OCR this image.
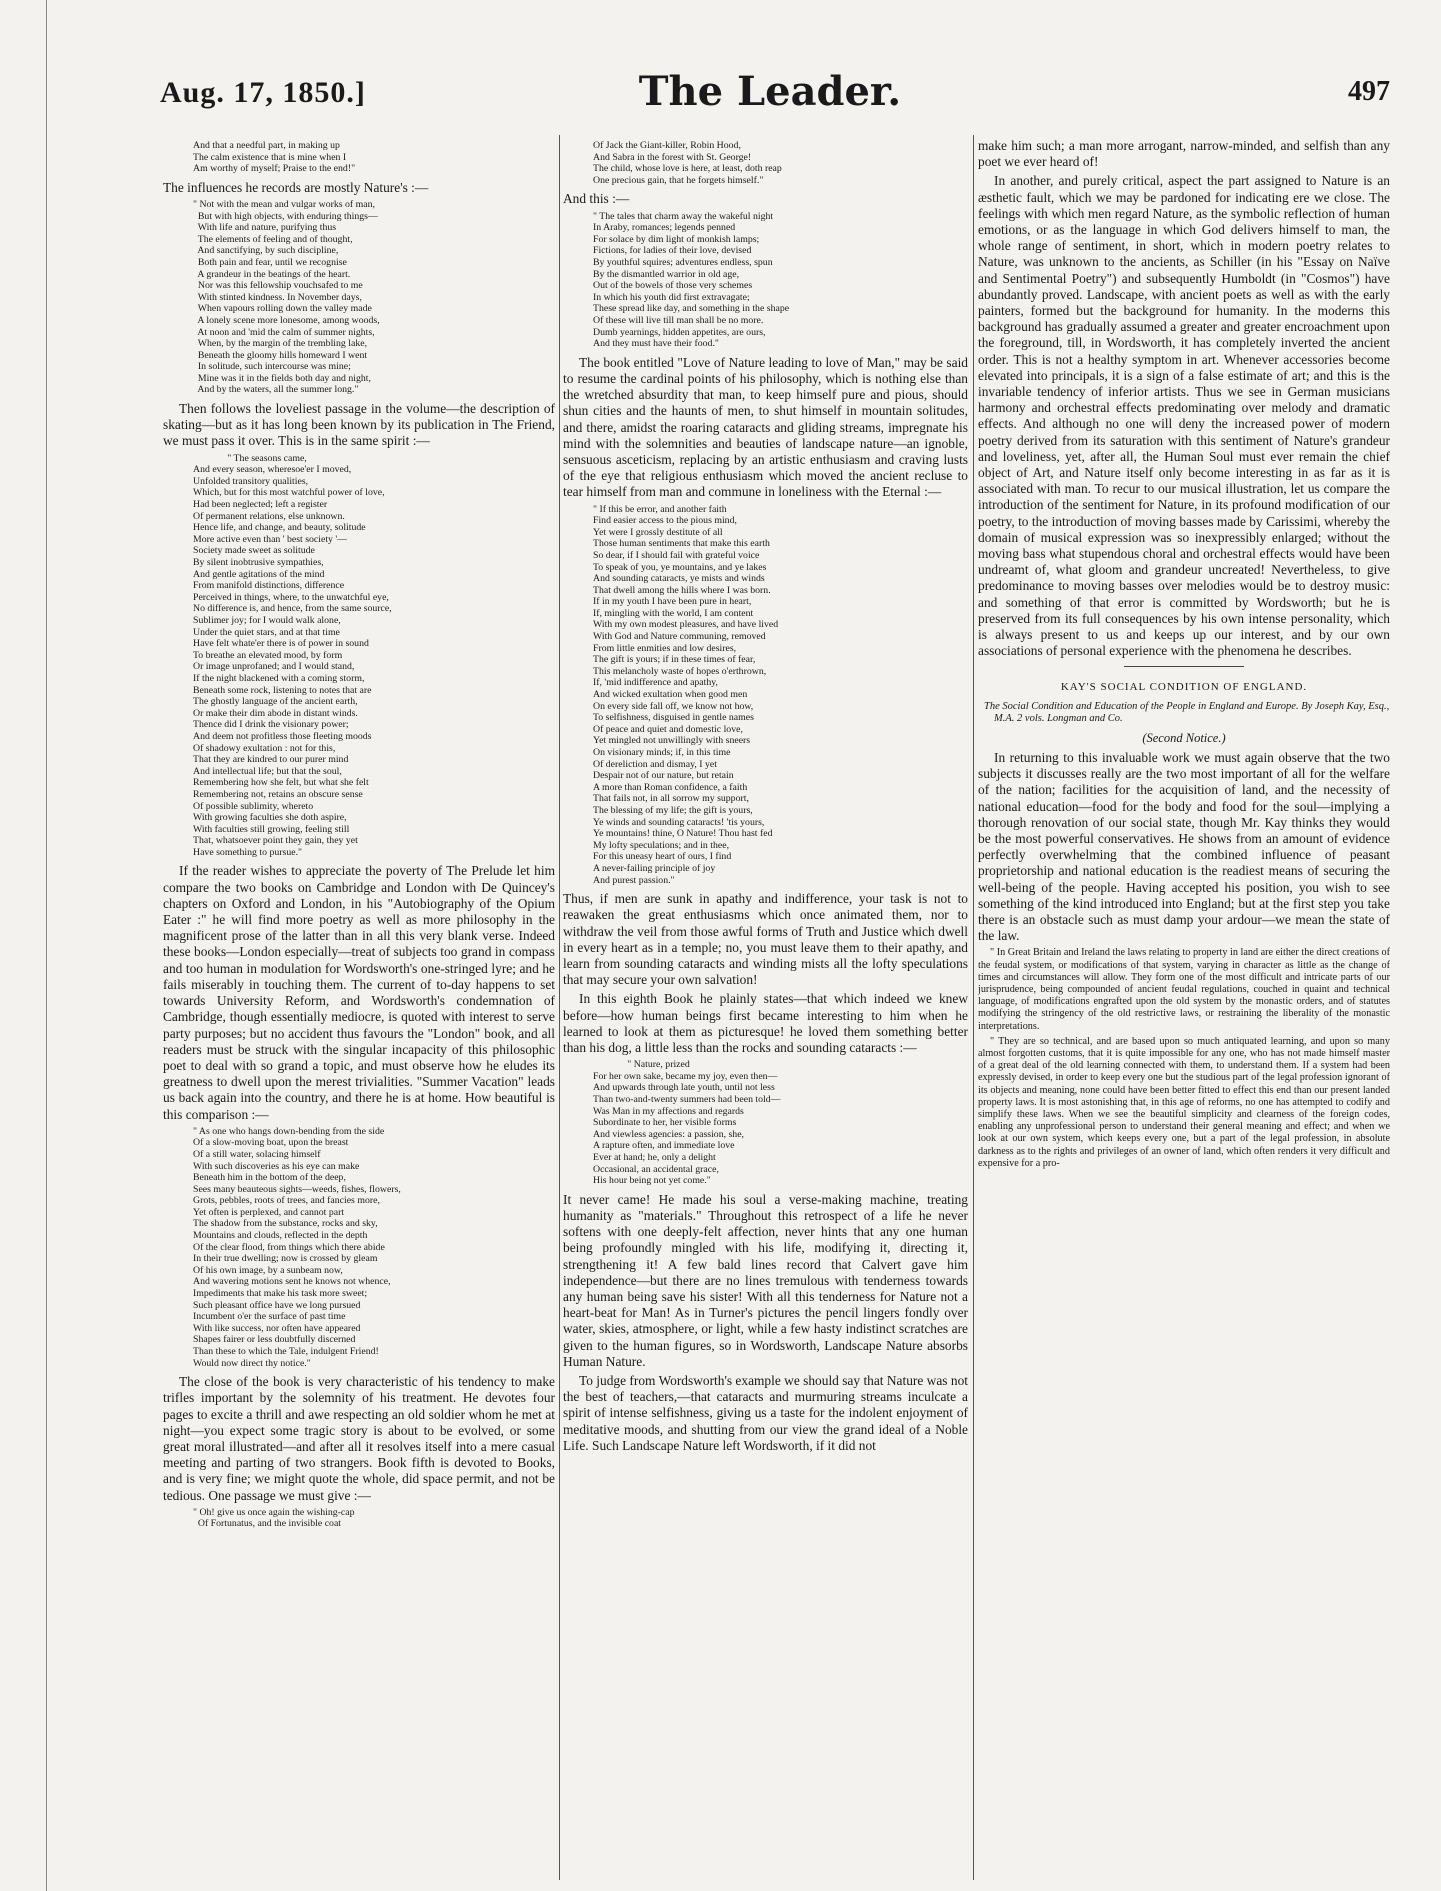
Aug. 17, 1850.]	The Leader.	497
And that a needful part, in making up
The calm existence that is mine when I
Am worthy of myself; Praise to the end!"

The influences he records are mostly Nature's :—

" Not with the mean and vulgar works of man,
But with high objects, with enduring things—
With life and nature, purifying thus
The elements of feeling and of thought,
And sanctifying, by such discipline,
Both pain and fear, until we recognise
A grandeur in the beatings of the heart.
Nor was this fellowship vouchsafed to me
With stinted kindness. In November days,
When vapours rolling down the valley made
A lonely scene more lonesome, among woods,
At noon and 'mid the calm of summer nights,
When, by the margin of the trembling lake,
Beneath the gloomy hills homeward I went
In solitude, such intercourse was mine;
Mine was it in the fields both day and night,
And by the waters, all the summer long."

Then follows the loveliest passage in the volume—the description of skating—but as it has long been known by its publication in The Friend, we must pass it over. This is in the same spirit :—

" The seasons came,
And every season, wheresoe'er I moved,
Unfolded transitory qualities,
Which, but for this most watchful power of love,
Had been neglected; left a register
Of permanent relations, else unknown.
Hence life, and change, and beauty, solitude
More active even than ' best society '—
Society made sweet as solitude
By silent inobtrusive sympathies,
And gentle agitations of the mind
From manifold distinctions, difference
Perceived in things, where, to the unwatchful eye,
No difference is, and hence, from the same source,
Sublimer joy; for I would walk alone,
Under the quiet stars, and at that time
Have felt whate'er there is of power in sound
To breathe an elevated mood, by form
Or image unprofaned; and I would stand,
If the night blackened with a coming storm,
Beneath some rock, listening to notes that are
The ghostly language of the ancient earth,
Or make their dim abode in distant winds.
Thence did I drink the visionary power;
And deem not profitless those fleeting moods
Of shadowy exultation : not for this,
That they are kindred to our purer mind
And intellectual life; but that the soul,
Remembering how she felt, but what she felt
Remembering not, retains an obscure sense
Of possible sublimity, whereto
With growing faculties she doth aspire,
With faculties still growing, feeling still
That, whatsoever point they gain, they yet
Have something to pursue."

If the reader wishes to appreciate the poverty of The Prelude let him compare the two books on Cambridge and London with De Quincey's chapters on Oxford and London, in his "Autobiography of the Opium Eater :" he will find more poetry as well as more philosophy in the magnificent prose of the latter than in all this very blank verse. Indeed these books—London especially—treat of subjects too grand in compass and too human in modulation for Wordsworth's one-stringed lyre; and he fails miserably in touching them. The current of to-day happens to set towards University Reform, and Wordsworth's condemnation of Cambridge, though essentially mediocre, is quoted with interest to serve party purposes; but no accident thus favours the "London" book, and all readers must be struck with the singular incapacity of this philosophic poet to deal with so grand a topic, and must observe how he eludes its greatness to dwell upon the merest trivialities. "Summer Vacation" leads us back again into the country, and there he is at home. How beautiful is this comparison :—

" As one who hangs down-bending from the side
Of a slow-moving boat, upon the breast
Of a still water, solacing himself
With such discoveries as his eye can make
Beneath him in the bottom of the deep,
Sees many beauteous sights—weeds, fishes, flowers,
Grots, pebbles, roots of trees, and fancies more,
Yet often is perplexed, and cannot part
The shadow from the substance, rocks and sky,
Mountains and clouds, reflected in the depth
Of the clear flood, from things which there abide
In their true dwelling; now is crossed by gleam
Of his own image, by a sunbeam now,
And wavering motions sent he knows not whence,
Impediments that make his task more sweet;
Such pleasant office have we long pursued
Incumbent o'er the surface of past time
With like success, nor often have appeared
Shapes fairer or less doubtfully discerned
Than these to which the Tale, indulgent Friend!
Would now direct thy notice."

The close of the book is very characteristic of his tendency to make trifles important by the solemnity of his treatment. He devotes four pages to excite a thrill and awe respecting an old soldier whom he met at night—you expect some tragic story is about to be evolved, or some great moral illustrated—and after all it resolves itself into a mere casual meeting and parting of two strangers. Book fifth is devoted to Books, and is very fine; we might quote the whole, did space permit, and not be tedious. One passage we must give :—

" Oh! give us once again the wishing-cap
Of Fortunatus, and the invisible coat
Of Jack the Giant-killer, Robin Hood,
And Sabra in the forest with St. George!
The child, whose love is here, at least, doth reap
One precious gain, that he forgets himself."

And this :—

" The tales that charm away the wakeful night
In Araby, romances; legends penned
For solace by dim light of monkish lamps;
Fictions, for ladies of their love, devised
By youthful squires; adventures endless, spun
By the dismantled warrior in old age,
Out of the bowels of those very schemes
In which his youth did first extravagate;
These spread like day, and something in the shape
Of these will live till man shall be no more.
Dumb yearnings, hidden appetites, are ours,
And they must have their food."

The book entitled "Love of Nature leading to love of Man," may be said to resume the cardinal points of his philosophy, which is nothing else than the wretched absurdity that man, to keep himself pure and pious, should shun cities and the haunts of men, to shut himself in mountain solitudes, and there, amidst the roaring cataracts and gliding streams, impregnate his mind with the solemnities and beauties of landscape nature—an ignoble, sensuous asceticism, replacing by an artistic enthusiasm and craving lusts of the eye that religious enthusiasm which moved the ancient recluse to tear himself from man and commune in loneliness with the Eternal :—

" If this be error, and another faith
Find easier access to the pious mind,
Yet were I grossly destitute of all
Those human sentiments that make this earth
So dear, if I should fail with grateful voice
To speak of you, ye mountains, and ye lakes
And sounding cataracts, ye mists and winds
That dwell among the hills where I was born.
If in my youth I have been pure in heart,
If, mingling with the world, I am content
With my own modest pleasures, and have lived
With God and Nature communing, removed
From little enmities and low desires,
The gift is yours; if in these times of fear,
This melancholy waste of hopes o'erthrown,
If, 'mid indifference and apathy,
And wicked exultation when good men
On every side fall off, we know not how,
To selfishness, disguised in gentle names
Of peace and quiet and domestic love,
Yet mingled not unwillingly with sneers
On visionary minds; if, in this time
Of dereliction and dismay, I yet
Despair not of our nature, but retain
A more than Roman confidence, a faith
That fails not, in all sorrow my support,
The blessing of my life; the gift is yours,
Ye winds and sounding cataracts! 'tis yours,
Ye mountains! thine, O Nature! Thou hast fed
My lofty speculations; and in thee,
For this uneasy heart of ours, I find
A never-failing principle of joy
And purest passion."

Thus, if men are sunk in apathy and indifference, your task is not to reawaken the great enthusiasms which once animated them, nor to withdraw the veil from those awful forms of Truth and Justice which dwell in every heart as in a temple; no, you must leave them to their apathy, and learn from sounding cataracts and winding mists all the lofty speculations that may secure your own salvation!

In this eighth Book he plainly states—that which indeed we knew before—how human beings first became interesting to him when he learned to look at them as picturesque! he loved them something better than his dog, a little less than the rocks and sounding cataracts :—

" Nature, prized
For her own sake, became my joy, even then—
And upwards through late youth, until not less
Than two-and-twenty summers had been told—
Was Man in my affections and regards
Subordinate to her, her visible forms
And viewless agencies: a passion, she,
A rapture often, and immediate love
Ever at hand; he, only a delight
Occasional, an accidental grace,
His hour being not yet come."

It never came! He made his soul a verse-making machine, treating humanity as "materials." Throughout this retrospect of a life he never softens with one deeply-felt affection, never hints that any one human being profoundly mingled with his life, modifying it, directing it, strengthening it! A few bald lines record that Calvert gave him independence—but there are no lines tremulous with tenderness towards any human being save his sister! With all this tenderness for Nature not a heart-beat for Man! As in Turner's pictures the pencil lingers fondly over water, skies, atmosphere, or light, while a few hasty indistinct scratches are given to the human figures, so in Wordsworth, Landscape Nature absorbs Human Nature.

To judge from Wordsworth's example we should say that Nature was not the best of teachers,—that cataracts and murmuring streams inculcate a spirit of intense selfishness, giving us a taste for the indolent enjoyment of meditative moods, and shutting from our view the grand ideal of a Noble Life. Such Landscape Nature left Wordsworth, if it did not

make him such; a man more arrogant, narrow-minded, and selfish than any poet we ever heard of!

In another, and purely critical, aspect the part assigned to Nature is an æsthetic fault, which we may be pardoned for indicating ere we close. The feelings with which men regard Nature, as the symbolic reflection of human emotions, or as the language in which God delivers himself to man, the whole range of sentiment, in short, which in modern poetry relates to Nature, was unknown to the ancients, as Schiller (in his "Essay on Naïve and Sentimental Poetry") and subsequently Humboldt (in "Cosmos") have abundantly proved. Landscape, with ancient poets as well as with the early painters, formed but the background for humanity. In the moderns this background has gradually assumed a greater and greater encroachment upon the foreground, till, in Wordsworth, it has completely inverted the ancient order. This is not a healthy symptom in art. Whenever accessories become elevated into principals, it is a sign of a false estimate of art; and this is the invariable tendency of inferior artists. Thus we see in German musicians harmony and orchestral effects predominating over melody and dramatic effects. And although no one will deny the increased power of modern poetry derived from its saturation with this sentiment of Nature's grandeur and loveliness, yet, after all, the Human Soul must ever remain the chief object of Art, and Nature itself only become interesting in as far as it is associated with man. To recur to our musical illustration, let us compare the introduction of the sentiment for Nature, in its profound modification of our poetry, to the introduction of moving basses made by Carissimi, whereby the domain of musical expression was so inexpressibly enlarged; without the moving bass what stupendous choral and orchestral effects would have been undreamt of, what gloom and grandeur uncreated! Nevertheless, to give predominance to moving basses over melodies would be to destroy music: and something of that error is committed by Wordsworth; but he is preserved from its full consequences by his own intense personality, which is always present to us and keeps up our interest, and by our own associations of personal experience with the phenomena he describes.

KAY'S SOCIAL CONDITION OF ENGLAND.
The Social Condition and Education of the People in England and Europe. By Joseph Kay, Esq., M.A. 2 vols. Longman and Co.
(Second Notice.)

In returning to this invaluable work we must again observe that the two subjects it discusses really are the two most important of all for the welfare of the nation; facilities for the acquisition of land, and the necessity of national education—food for the body and food for the soul—implying a thorough renovation of our social state, though Mr. Kay thinks they would be the most powerful conservatives. He shows from an amount of evidence perfectly overwhelming that the combined influence of peasant proprietorship and national education is the readiest means of securing the well-being of the people. Having accepted his position, you wish to see something of the kind introduced into England; but at the first step you take there is an obstacle such as must damp your ardour—we mean the state of the law.

" In Great Britain and Ireland the laws relating to property in land are either the direct creations of the feudal system, or modifications of that system, varying in character as little as the change of times and circumstances will allow. They form one of the most difficult and intricate parts of our jurisprudence, being compounded of ancient feudal regulations, couched in quaint and technical language, of modifications engrafted upon the old system by the monastic orders, and of statutes modifying the stringency of the old restrictive laws, or restraining the liberality of the monastic interpretations.

" They are so technical, and are based upon so much antiquated learning, and upon so many almost forgotten customs, that it is quite impossible for any one, who has not made himself master of a great deal of the old learning connected with them, to understand them. If a system had been expressly devised, in order to keep every one but the studious part of the legal profession ignorant of its objects and meaning, none could have been better fitted to effect this end than our present landed property laws. It is most astonishing that, in this age of reforms, no one has attempted to codify and simplify these laws. When we see the beautiful simplicity and clearness of the foreign codes, enabling any unprofessional person to understand their general meaning and effect; and when we look at our own system, which keeps every one, but a part of the legal profession, in absolute darkness as to the rights and privileges of an owner of land, which often renders it very difficult and expensive for a pro-
